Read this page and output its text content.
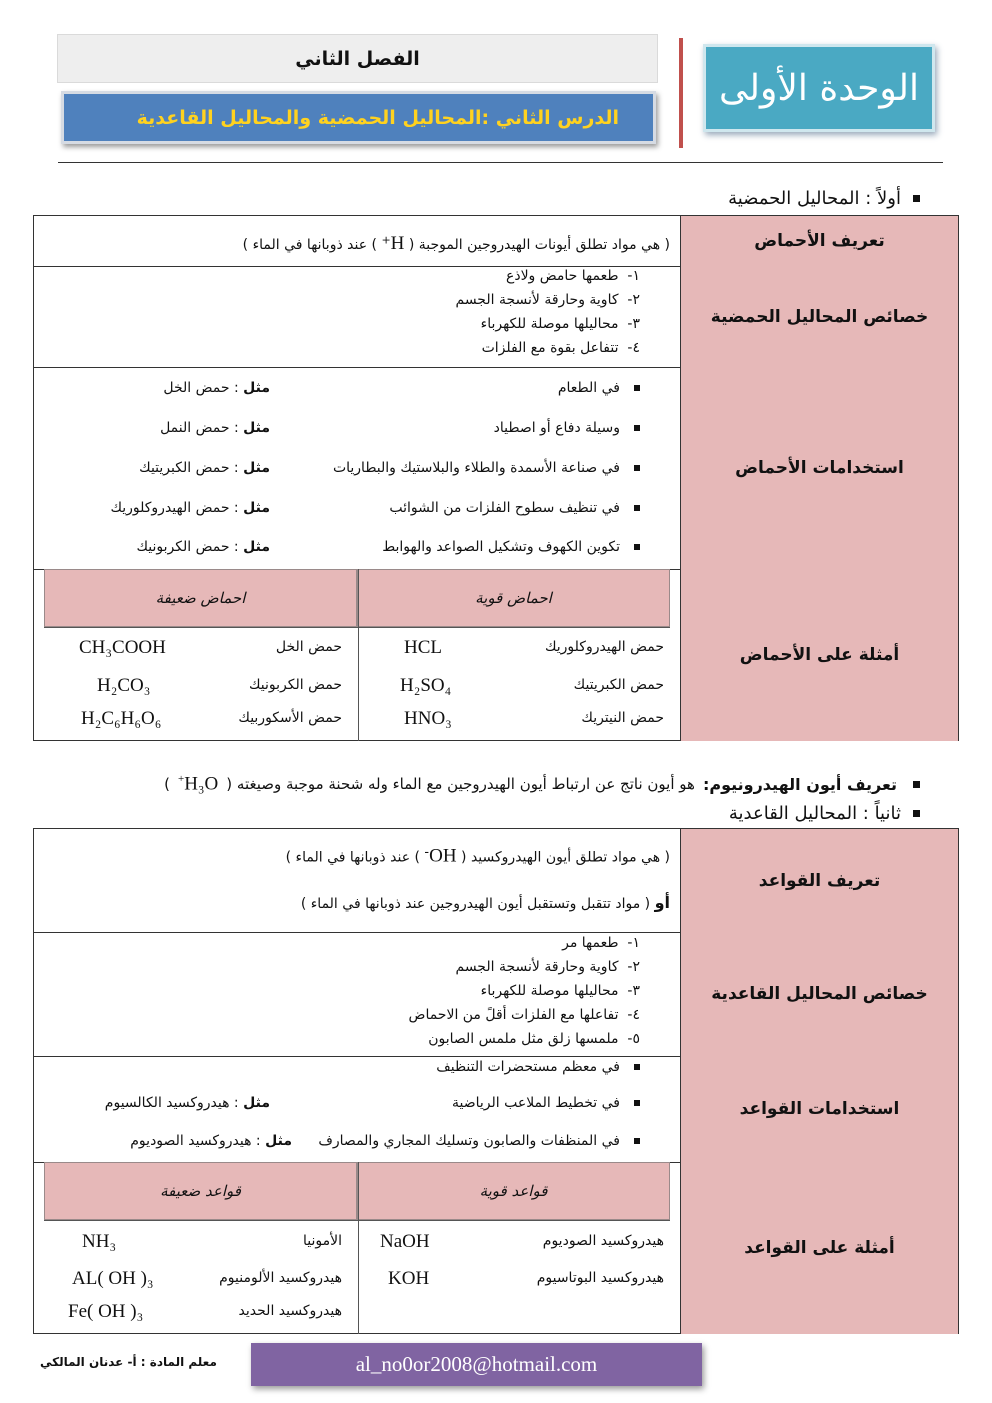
الوحدة الأولى
الفصل الثاني
الدرس الثاني :المحاليل الحمضية والمحاليل القاعدية
أولاً : المحاليل الحمضية
تعريف الأحماض
( هي مواد تطلق أيونات الهيدروجين الموجبة ( H+ ) عند ذوبانها في الماء )
خصائص المحاليل الحمضية
١-  طعمها حامض ولاذع
٢-  كاوية وحارقة لأنسجة الجسم
٣-  محاليلها موصلة للكهرباء
٤-  تتفاعل بقوة مع الفلزات
استخدامات الأحماض
في الطعام
مثل : حمض الخل
وسيلة دفاع أو اصطياد
مثل : حمض النمل
في صناعة الأسمدة والطلاء والبلاستيك والبطاريات
مثل : حمض الكبريتيك
في تنظيف سطوح الفلزات من الشوائب
مثل : حمض الهيدروكلوريك
تكوين الكهوف وتشكيل الصواعد والهوابط
مثل : حمض الكربونيك
أمثلة على الأحماض
احماض قوية
احماض ضعيفة
حمض الهيدروكلوريك
HCL
حمض الكبريتيك
H₂SO₄
حمض النيتريك
HNO₃
حمض الخل
CH₃COOH
حمض الكربونيك
H₂CO₃
حمض الأسكوربيك
H₂C₆H₆O₆
تعريف أيون الهيدرونيوم:
هو أيون ناتج عن ارتباط أيون الهيدروجين مع الماء وله شحنة موجبة وصيغته (
H₃O+
)
ثانياً : المحاليل القاعدية
تعريف القواعد
( هي مواد تطلق أيون الهيدروكسيد ( OH- ) عند ذوبانها في الماء )
أو ( مواد تتقبل وتستقبل أيون الهيدروجين عند ذوبانها في الماء )
خصائص المحاليل القاعدية
١-  طعمها مر
٢-  كاوية وحارقة لأنسجة الجسم
٣-  محاليلها موصلة للكهرباء
٤-  تفاعلها مع الفلزات أقلً من الاحماض
٥-  ملمسها زلق مثل ملمس الصابون
استخدامات القواعد
في معظم مستحضرات التنظيف
في تخطيط الملاعب الرياضية
مثل : هيدروكسيد الكالسيوم
في المنظفات والصابون وتسليك المجاري والمصارف
مثل : هيدروكسيد الصوديوم
أمثلة على القواعد
قواعد قوية
قواعد ضعيفة
هيدروكسيد الصوديوم
NaOH
هيدروكسيد البوتاسيوم
KOH
الأمونيا
NH₃
هيدروكسيد الألومنيوم
AL( OH )₃
هيدروكسيد الحديد
Fe( OH )₃
معلم المادة : أ- عدنان المالكي	al_no0or2008@hotmail.com
